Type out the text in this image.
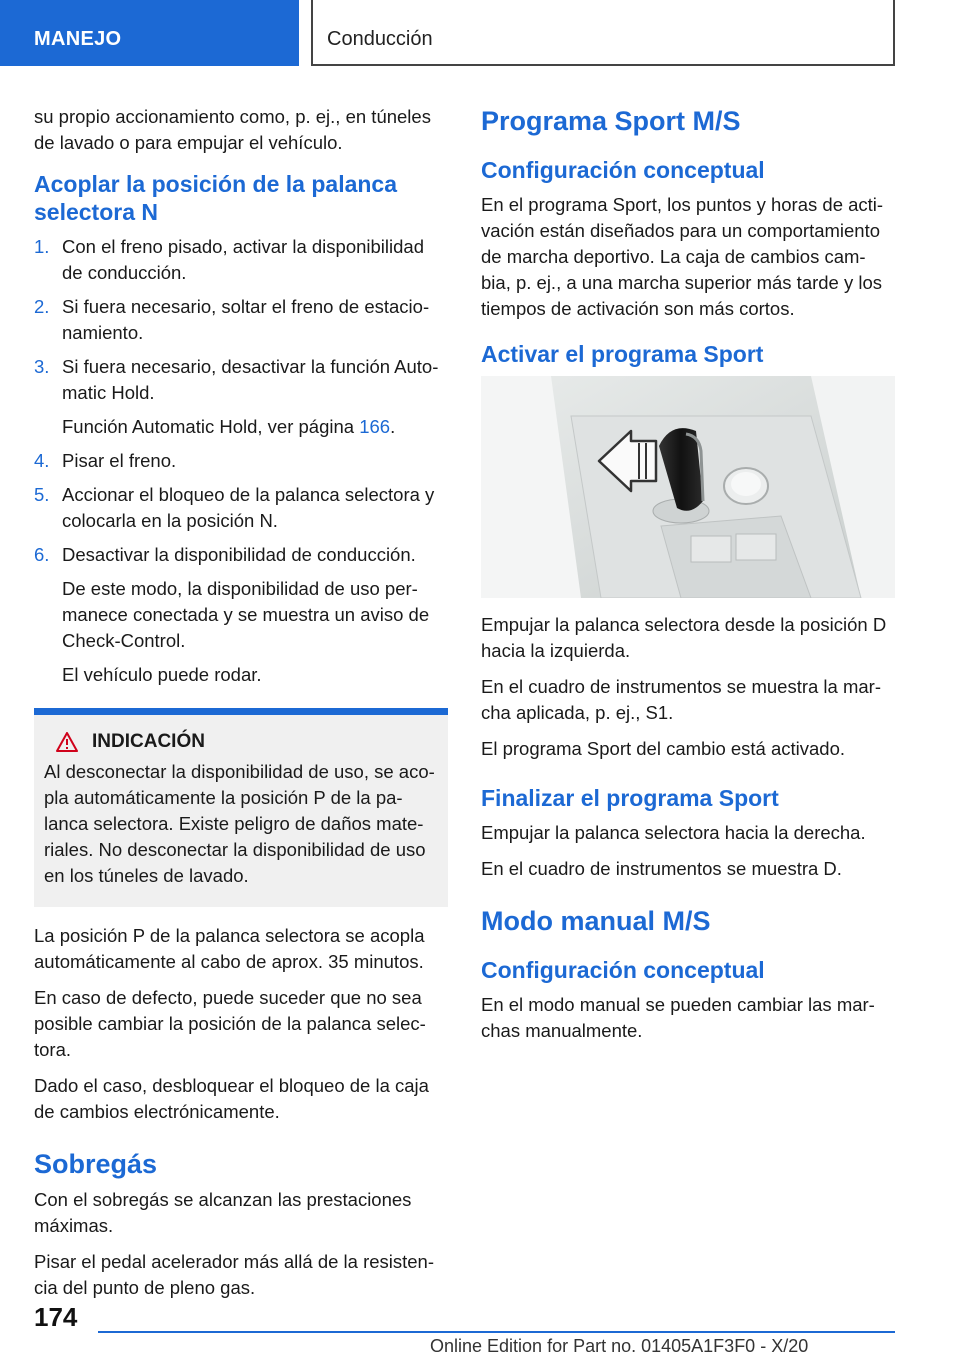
MANEJO	Conducción

su propio accionamiento como, p. ej., en túneles de lavado o para empujar el vehículo.

Acoplar la posición de la palanca selectora N
1. Con el freno pisado, activar la disponibilidad de conducción.
2. Si fuera necesario, soltar el freno de estacio‐namiento.
3. Si fuera necesario, desactivar la función Auto‐matic Hold.
Función Automatic Hold, ver página 166.
4. Pisar el freno.
5. Accionar el bloqueo de la palanca selectora y colocarla en la posición N.
6. Desactivar la disponibilidad de conducción.
De este modo, la disponibilidad de uso per‐manece conectada y se muestra un aviso de Check-Control.
El vehículo puede rodar.
INDICACIÓN

Al desconectar la disponibilidad de uso, se aco‐pla automáticamente la posición P de la pa‐lanca selectora. Existe peligro de daños mate‐riales. No desconectar la disponibilidad de uso en los túneles de lavado.

La posición P de la palanca selectora se acopla automáticamente al cabo de aprox. 35 minutos.

En caso de defecto, puede suceder que no sea posible cambiar la posición de la palanca selec‐tora.

Dado el caso, desbloquear el bloqueo de la caja de cambios electrónicamente.

Sobregás

Con el sobregás se alcanzan las prestaciones máximas.

Pisar el pedal acelerador más allá de la resisten‐cia del punto de pleno gas.

Programa Sport M/S
Configuración conceptual

En el programa Sport, los puntos y horas de acti‐vación están diseñados para un comportamiento de marcha deportivo. La caja de cambios cam‐bia, p. ej., a una marcha superior más tarde y los tiempos de activación son más cortos.

Activar el programa Sport

Empujar la palanca selectora desde la posición D hacia la izquierda.

En el cuadro de instrumentos se muestra la mar‐cha aplicada, p. ej., S1.

El programa Sport del cambio está activado.

Finalizar el programa Sport

Empujar la palanca selectora hacia la derecha.

En el cuadro de instrumentos se muestra D.

Modo manual M/S
Configuración conceptual

En el modo manual se pueden cambiar las mar‐chas manualmente.

174
Online Edition for Part no. 01405A1F3F0 - X/20
